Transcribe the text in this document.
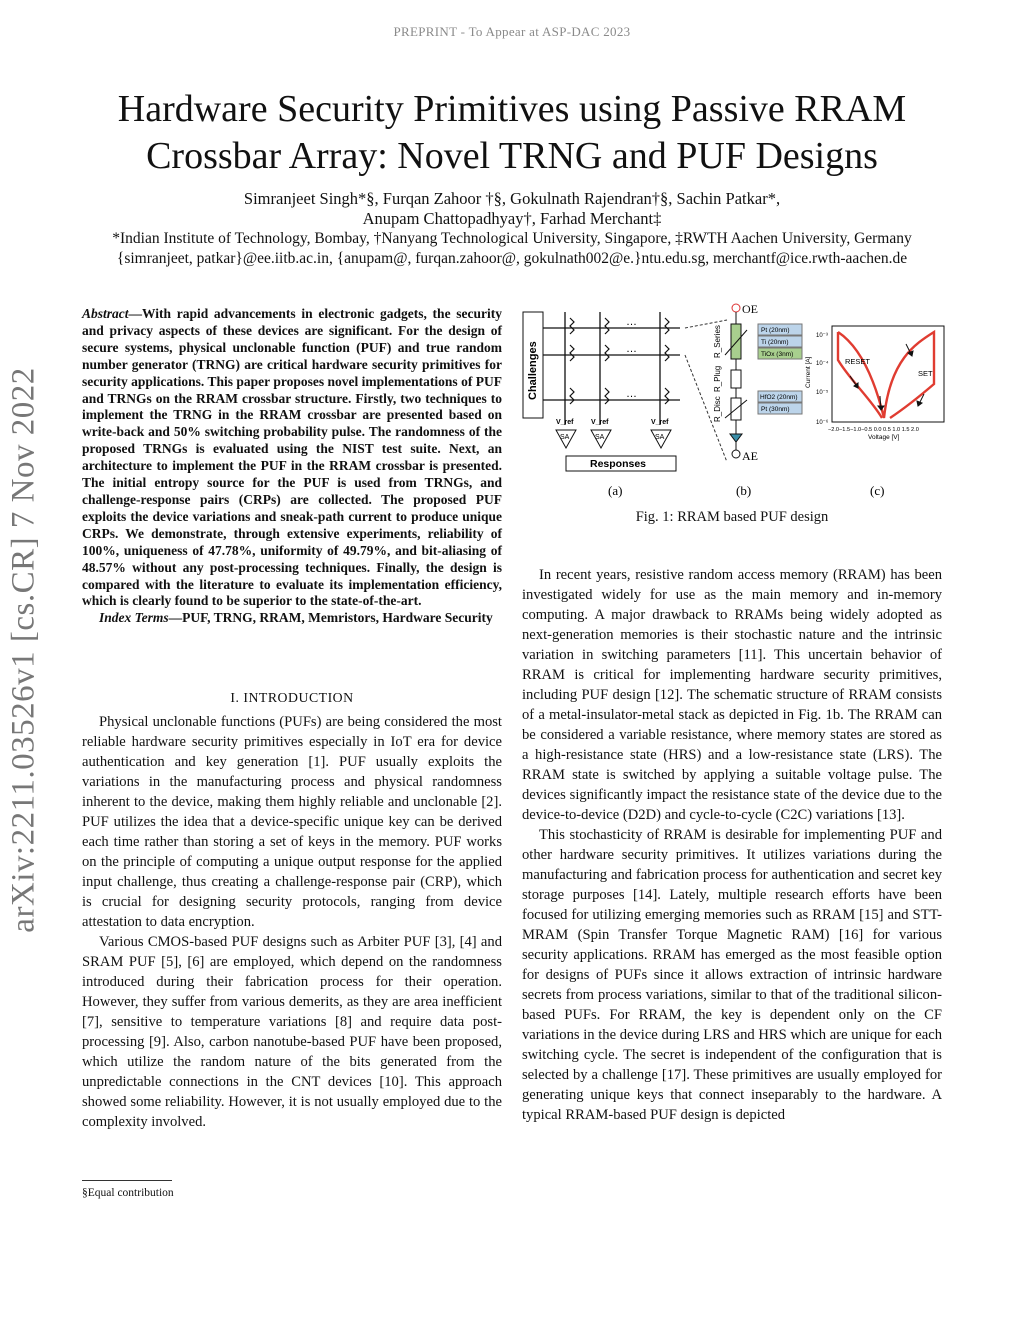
PREPRINT - To Appear at ASP-DAC 2023
Hardware Security Primitives using Passive RRAM
Crossbar Array: Novel TRNG and PUF Designs
Simranjeet Singh*§, Furqan Zahoor †§, Gokulnath Rajendran†§, Sachin Patkar*,
Anupam Chattopadhyay†, Farhad Merchant‡
*Indian Institute of Technology, Bombay, †Nanyang Technological University, Singapore, ‡RWTH Aachen University, Germany
{simranjeet, patkar}@ee.iitb.ac.in, {anupam@, furqan.zahoor@, gokulnath002@e.}ntu.edu.sg, merchantf@ice.rwth-aachen.de
arXiv:2211.03526v1 [cs.CR] 7 Nov 2022
Abstract—With rapid advancements in electronic gadgets, the security and privacy aspects of these devices are significant. For the design of secure systems, physical unclonable function (PUF) and true random number generator (TRNG) are critical hardware security primitives for security applications. This paper proposes novel implementations of PUF and TRNGs on the RRAM crossbar structure. Firstly, two techniques to implement the TRNG in the RRAM crossbar are presented based on write-back and 50% switching probability pulse. The randomness of the proposed TRNGs is evaluated using the NIST test suite. Next, an architecture to implement the PUF in the RRAM crossbar is presented. The initial entropy source for the PUF is used from TRNGs, and challenge-response pairs (CRPs) are collected. The proposed PUF exploits the device variations and sneak-path current to produce unique CRPs. We demonstrate, through extensive experiments, reliability of 100%, uniqueness of 47.78%, uniformity of 49.79%, and bit-aliasing of 48.57% without any post-processing techniques. Finally, the design is compared with the literature to evaluate its implementation efficiency, which is clearly found to be superior to the state-of-the-art.
Index Terms—PUF, TRNG, RRAM, Memristors, Hardware Security
I. INTRODUCTION

Physical unclonable functions (PUFs) are being considered the most reliable hardware security primitives especially in IoT era for device authentication and key generation [1]. PUF usually exploits the variations in the manufacturing process and physical randomness inherent to the device, making them highly reliable and unclonable [2]. PUF utilizes the idea that a device-specific unique key can be derived each time rather than storing a set of keys in the memory. PUF works on the principle of computing a unique output response for the applied input challenge, thus creating a challenge-response pair (CRP), which is crucial for designing security protocols, ranging from device attestation to data encryption.

Various CMOS-based PUF designs such as Arbiter PUF [3], [4] and SRAM PUF [5], [6] are employed, which depend on the randomness introduced during their fabrication process for their operation. However, they suffer from various demerits, as they are area inefficient [7], sensitive to temperature variations [8] and require data post-processing [9]. Also, carbon nanotube-based PUF have been proposed, which utilize the random nature of the bits generated from the unpredictable connections in the CNT devices [10]. This approach showed some reliability. However, it is not usually employed due to the complexity involved.

§Equal contribution
Challenges
…
…
…
SA	SA	SA
V_ref V_ref	V_ref
Responses
OE
AE
R_Series
R_Plug
R_Disc
Pt (20nm)
Ti (20nm)
TiOx (3nm)
HfO2 (20nm)
Pt (30nm)
Current [A]
10⁻³
10⁻⁴
10⁻⁵
10⁻⁶
−2.0−1.5−1.0−0.5 0.0 0.5 1.0 1.5 2.0
Voltage [V]
RESET
SET
(a)	(b)	(c)
Fig. 1: RRAM based PUF design

In recent years, resistive random access memory (RRAM) has been investigated widely for use as the main memory and in-memory computing. A major drawback to RRAMs being widely adopted as next-generation memories is their stochastic nature and the intrinsic variation in switching parameters [11]. This uncertain behavior of RRAM is critical for implementing hardware security primitives, including PUF design [12]. The schematic structure of RRAM consists of a metal-insulator-metal stack as depicted in Fig. 1b. The RRAM can be considered a variable resistance, where memory states are stored as a high-resistance state (HRS) and a low-resistance state (LRS). The RRAM state is switched by applying a suitable voltage pulse. The devices significantly impact the resistance state of the device due to the device-to-device (D2D) and cycle-to-cycle (C2C) variations [13].

This stochasticity of RRAM is desirable for implementing PUF and other hardware security primitives. It utilizes variations during the manufacturing and fabrication process for authentication and secret key storage purposes [14]. Lately, multiple research efforts have been focused for utilizing emerging memories such as RRAM [15] and STT-MRAM (Spin Transfer Torque Magnetic RAM) [16] for various security applications. RRAM has emerged as the most feasible option for designs of PUFs since it allows extraction of intrinsic hardware secrets from process variations, similar to that of the traditional silicon-based PUFs. For RRAM, the key is dependent only on the CF variations in the device during LRS and HRS which are unique for each switching cycle. The secret is independent of the configuration that is selected by a challenge [17]. These primitives are usually employed for generating unique keys that connect inseparably to the hardware. A typical RRAM-based PUF design is depicted
